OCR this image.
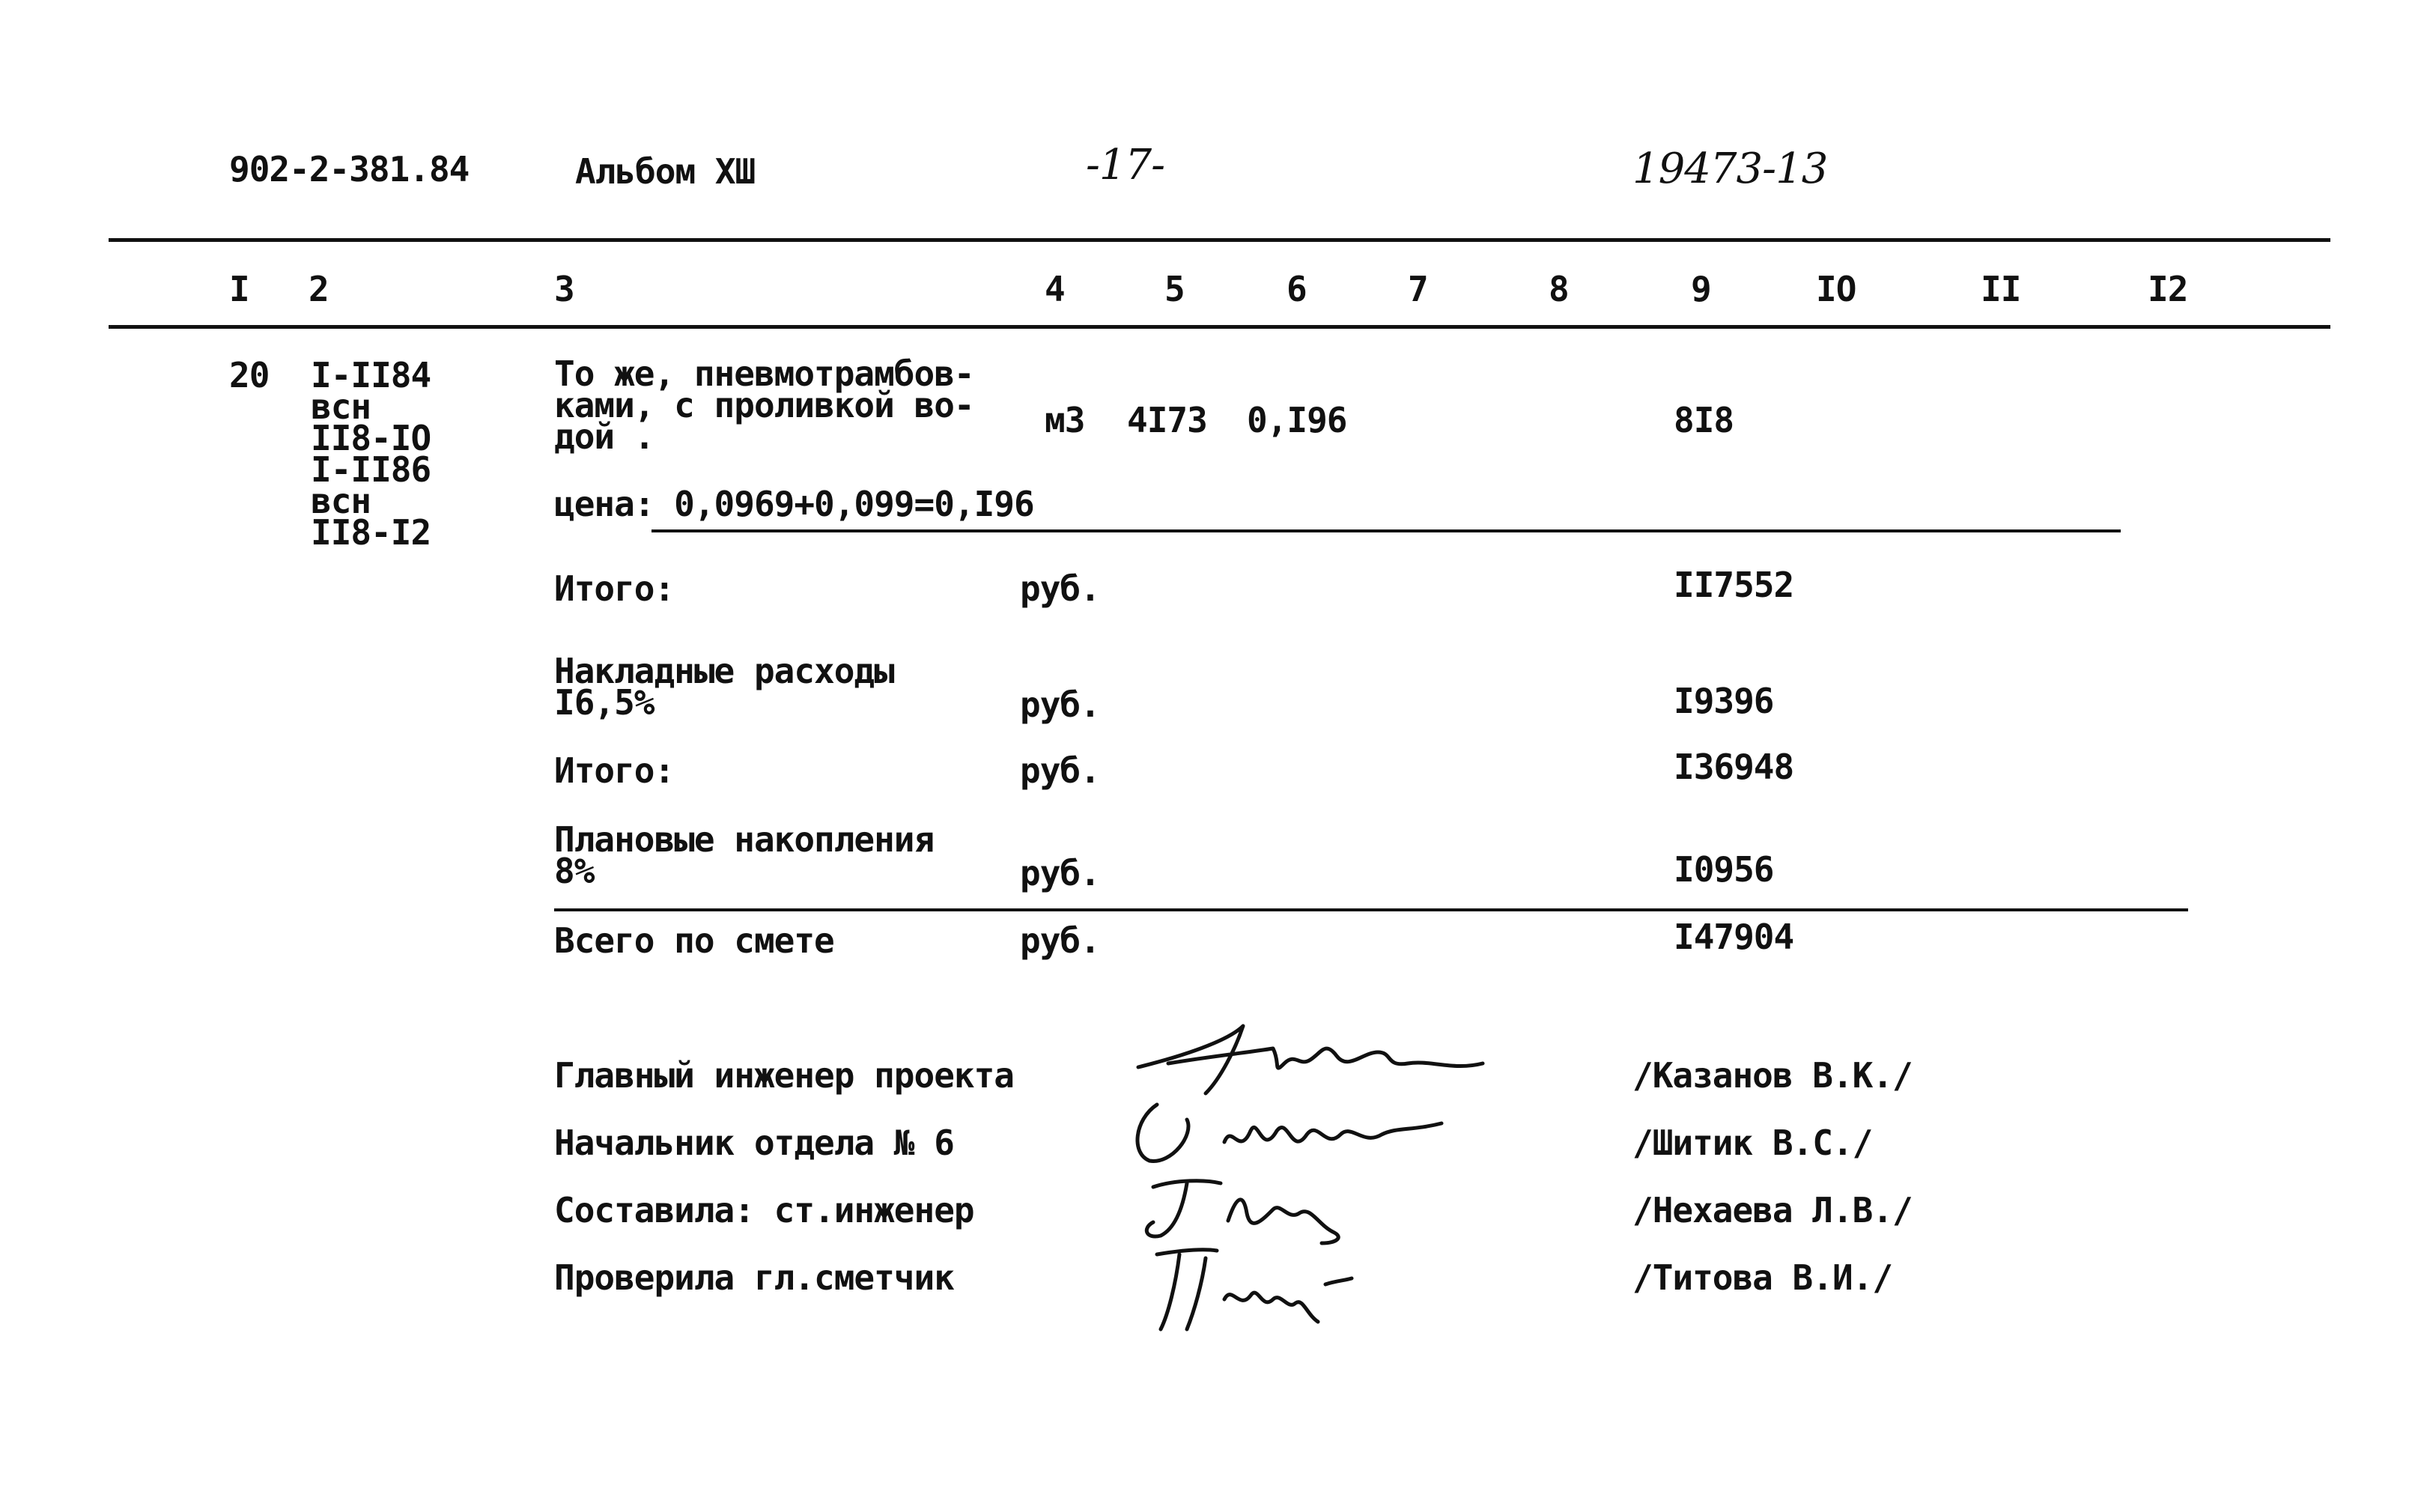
902-2-381.84	Альбом XШ	-17-	19473-13
I 2	3	4	5	6	7	8	9	IO	II	I2
20 I-II84
всн
II8-IO
I-II86
всн
II8-I2
То же, пневмотрамбов-
ками, с проливкой во-
дой .	м3 4I73 0,I96	8I8
цена: 0,0969+0,099=0,I96
Итого:	руб.	II7552
Накладные расходы
I6,5%	руб.	I9396
Итого:	руб.	I36948
Плановые накопления
8%	руб.	I0956
Всего по смете	руб.	I47904
Главный инженер проекта	/Казанов В.К./
Начальник отдела № 6	/Шитик В.С./
Составила: ст.инженер	/Нехаева Л.В./
Проверила гл.сметчик	/Титова В.И./
